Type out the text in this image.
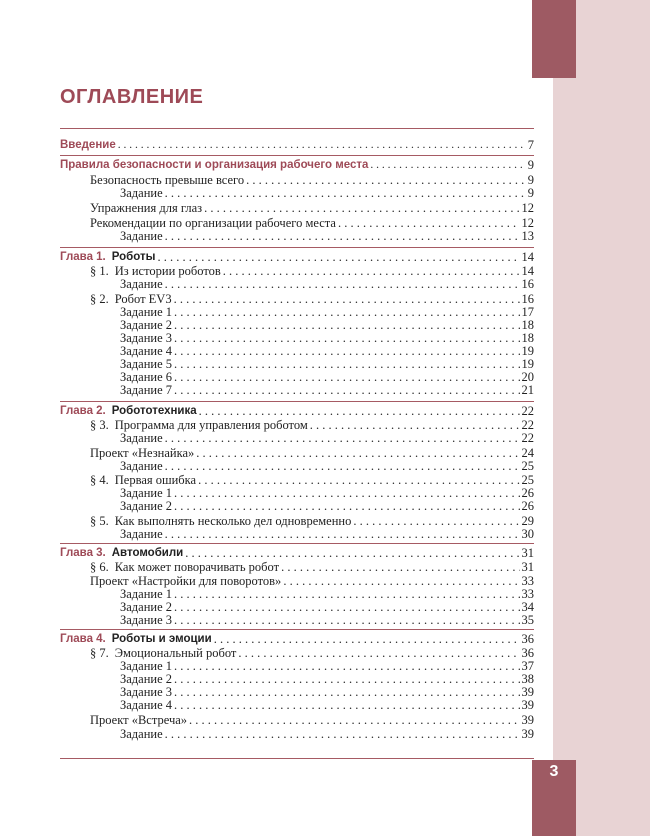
3
ОГЛАВЛЕНИЕ
Введение . . .	7
Правила безопасности и организация рабочего места . . .	9
Безопасность превыше всего . . .	9
Задание . . .	9
Упражнения для глаз . . .	12
Рекомендации по организации рабочего места . . .	12
Задание . . .	13
Глава 1. Роботы . . .	14
§ 1. Из истории роботов . . .	14
Задание . . .	16
§ 2. Робот EV3 . . .	16
Задание 1 . . .	17
Задание 2 . . .	18
Задание 3 . . .	18
Задание 4 . . .	19
Задание 5 . . .	19
Задание 6 . . .	20
Задание 7 . . .	21
Глава 2. Робототехника . . .	22
§ 3. Программа для управления роботом . . .	22
Задание . . .	22
Проект «Незнайка» . . .	24
Задание . . .	25
§ 4. Первая ошибка . . .	25
Задание 1 . . .	26
Задание 2 . . .	26
§ 5. Как выполнять несколько дел одновременно . . .	29
Задание . . .	30
Глава 3. Автомобили . . .	31
§ 6. Как может поворачивать робот . . .	31
Проект «Настройки для поворотов» . . .	33
Задание 1 . . .	33
Задание 2 . . .	34
Задание 3 . . .	35
Глава 4. Роботы и эмоции . . .	36
§ 7. Эмоциональный робот . . .	36
Задание 1 . . .	37
Задание 2 . . .	38
Задание 3 . . .	39
Задание 4 . . .	39
Проект «Встреча» . . .	39
Задание . . .	39
